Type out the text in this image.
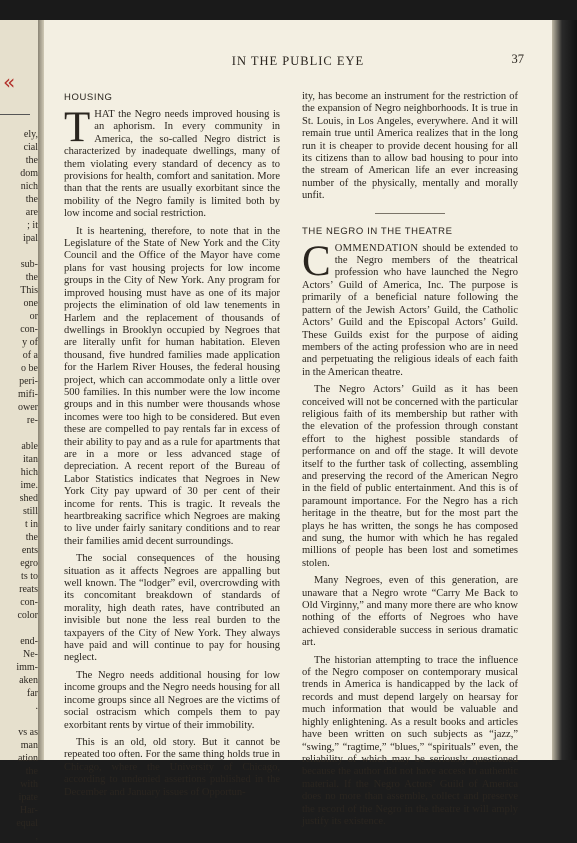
«
ely,
cial
the
dom
nich
the
are
; it
ipal

sub-
the
This
one
or
con-
y of
of a
o be
peri-
mifi-
ower
re-

able
itan
hich
ime.
shed
still
t in
the
ents
egro
ts to
reats
con-
color

end-
Ne-
imm-
aken
far
.

vs as
man
ation
the
with
ipate
Har-
equal
,
IN THE PUBLIC EYE	37
HOUSING

THAT the Negro needs improved housing is an aphorism. In every community in America, the so-called Negro district is characterized by inadequate dwellings, many of them violating every standard of decency as to provisions for health, comfort and sanitation. More than that the rents are usually exorbitant since the mobility of the Negro family is limited both by low income and social restriction.

It is heartening, therefore, to note that in the Legislature of the State of New York and the City Council and the Office of the Mayor have come plans for vast housing projects for low income groups in the City of New York. Any program for improved housing must have as one of its major projects the elimination of old law tenements in Harlem and the replacement of thousands of dwellings in Brooklyn occupied by Negroes that are literally unfit for human habitation. Eleven thousand, five hundred families made application for the Harlem River Houses, the federal housing project, which can accommodate only a little over 500 families. In this number were the low income groups and in this number were thousands whose incomes were too high to be considered. But even these are compelled to pay rentals far in excess of their ability to pay and as a rule for apartments that are in a more or less advanced stage of depreciation. A recent report of the Bureau of Labor Statistics indicates that Negroes in New York City pay upward of 30 per cent of their income for rents. This is tragic. It reveals the heartbreaking sacrifice which Negroes are making to live under fairly sanitary conditions and to rear their families amid decent surroundings.

The social consequences of the housing situation as it affects Negroes are appalling but well known. The “lodger” evil, overcrowding with its concomitant breakdown of standards of morality, high death rates, have contributed an invisible but none the less real burden to the taxpayers of the City of New York. They always have paid and will continue to pay for housing neglect.

The Negro needs additional housing for low income groups and the Negro needs housing for all income groups since all Negroes are the victims of social ostracism which compels them to pay exorbitant rents by virtue of their immobility.

This is an old, old story. But it cannot be repeated too often. For the same thing holds true in Chicago, where the University of Chicago, according to undenied assertions published in the December and January issues of Opportun-

ity, has become an instrument for the restriction of the expansion of Negro neighborhoods. It is true in St. Louis, in Los Angeles, everywhere. And it will remain true until America realizes that in the long run it is cheaper to provide decent housing for all its citizens than to allow bad housing to pour into the stream of American life an ever increasing number of the physically, mentally and morally unfit.

THE NEGRO IN THE THEATRE

COMMENDATION should be extended to the Negro members of the theatrical profession who have launched the Negro Actors’ Guild of America, Inc. The purpose is primarily of a beneficial nature following the pattern of the Jewish Actors’ Guild, the Catholic Actors’ Guild and the Episcopal Actors’ Guild. These Guilds exist for the purpose of aiding members of the acting profession who are in need and perpetuating the religious ideals of each faith in the American theatre.

The Negro Actors’ Guild as it has been conceived will not be concerned with the particular religious faith of its membership but rather with the elevation of the profession through constant effort to the highest possible standards of performance on and off the stage. It will devote itself to the further task of collecting, assembling and preserving the record of the American Negro in the field of public entertainment. And this is of paramount importance. For the Negro has a rich heritage in the theatre, but for the most part the plays he has written, the songs he has composed and sung, the humor with which he has regaled millions of people has been lost and sometimes stolen.

Many Negroes, even of this generation, are unaware that a Negro wrote “Carry Me Back to Old Virginny,” and many more there are who know nothing of the efforts of Negroes who have achieved considerable success in serious dramatic art.

The historian attempting to trace the influence of the Negro composer on contemporary musical trends in America is handicapped by the lack of records and must depend largely on hearsay for much information that would be valuable and highly enlightening. As a result books and articles have been written on such subjects as “jazz,” “swing,” “ragtime,” “blues,” “spirituals” even, the reliability of which may be seriously questioned because the author did not have access to authentic material. If the Negro Actors’ Guild of America does no more than assemble, collect and preserve the record of the Negro in the theatre it will amply justify its existence.
